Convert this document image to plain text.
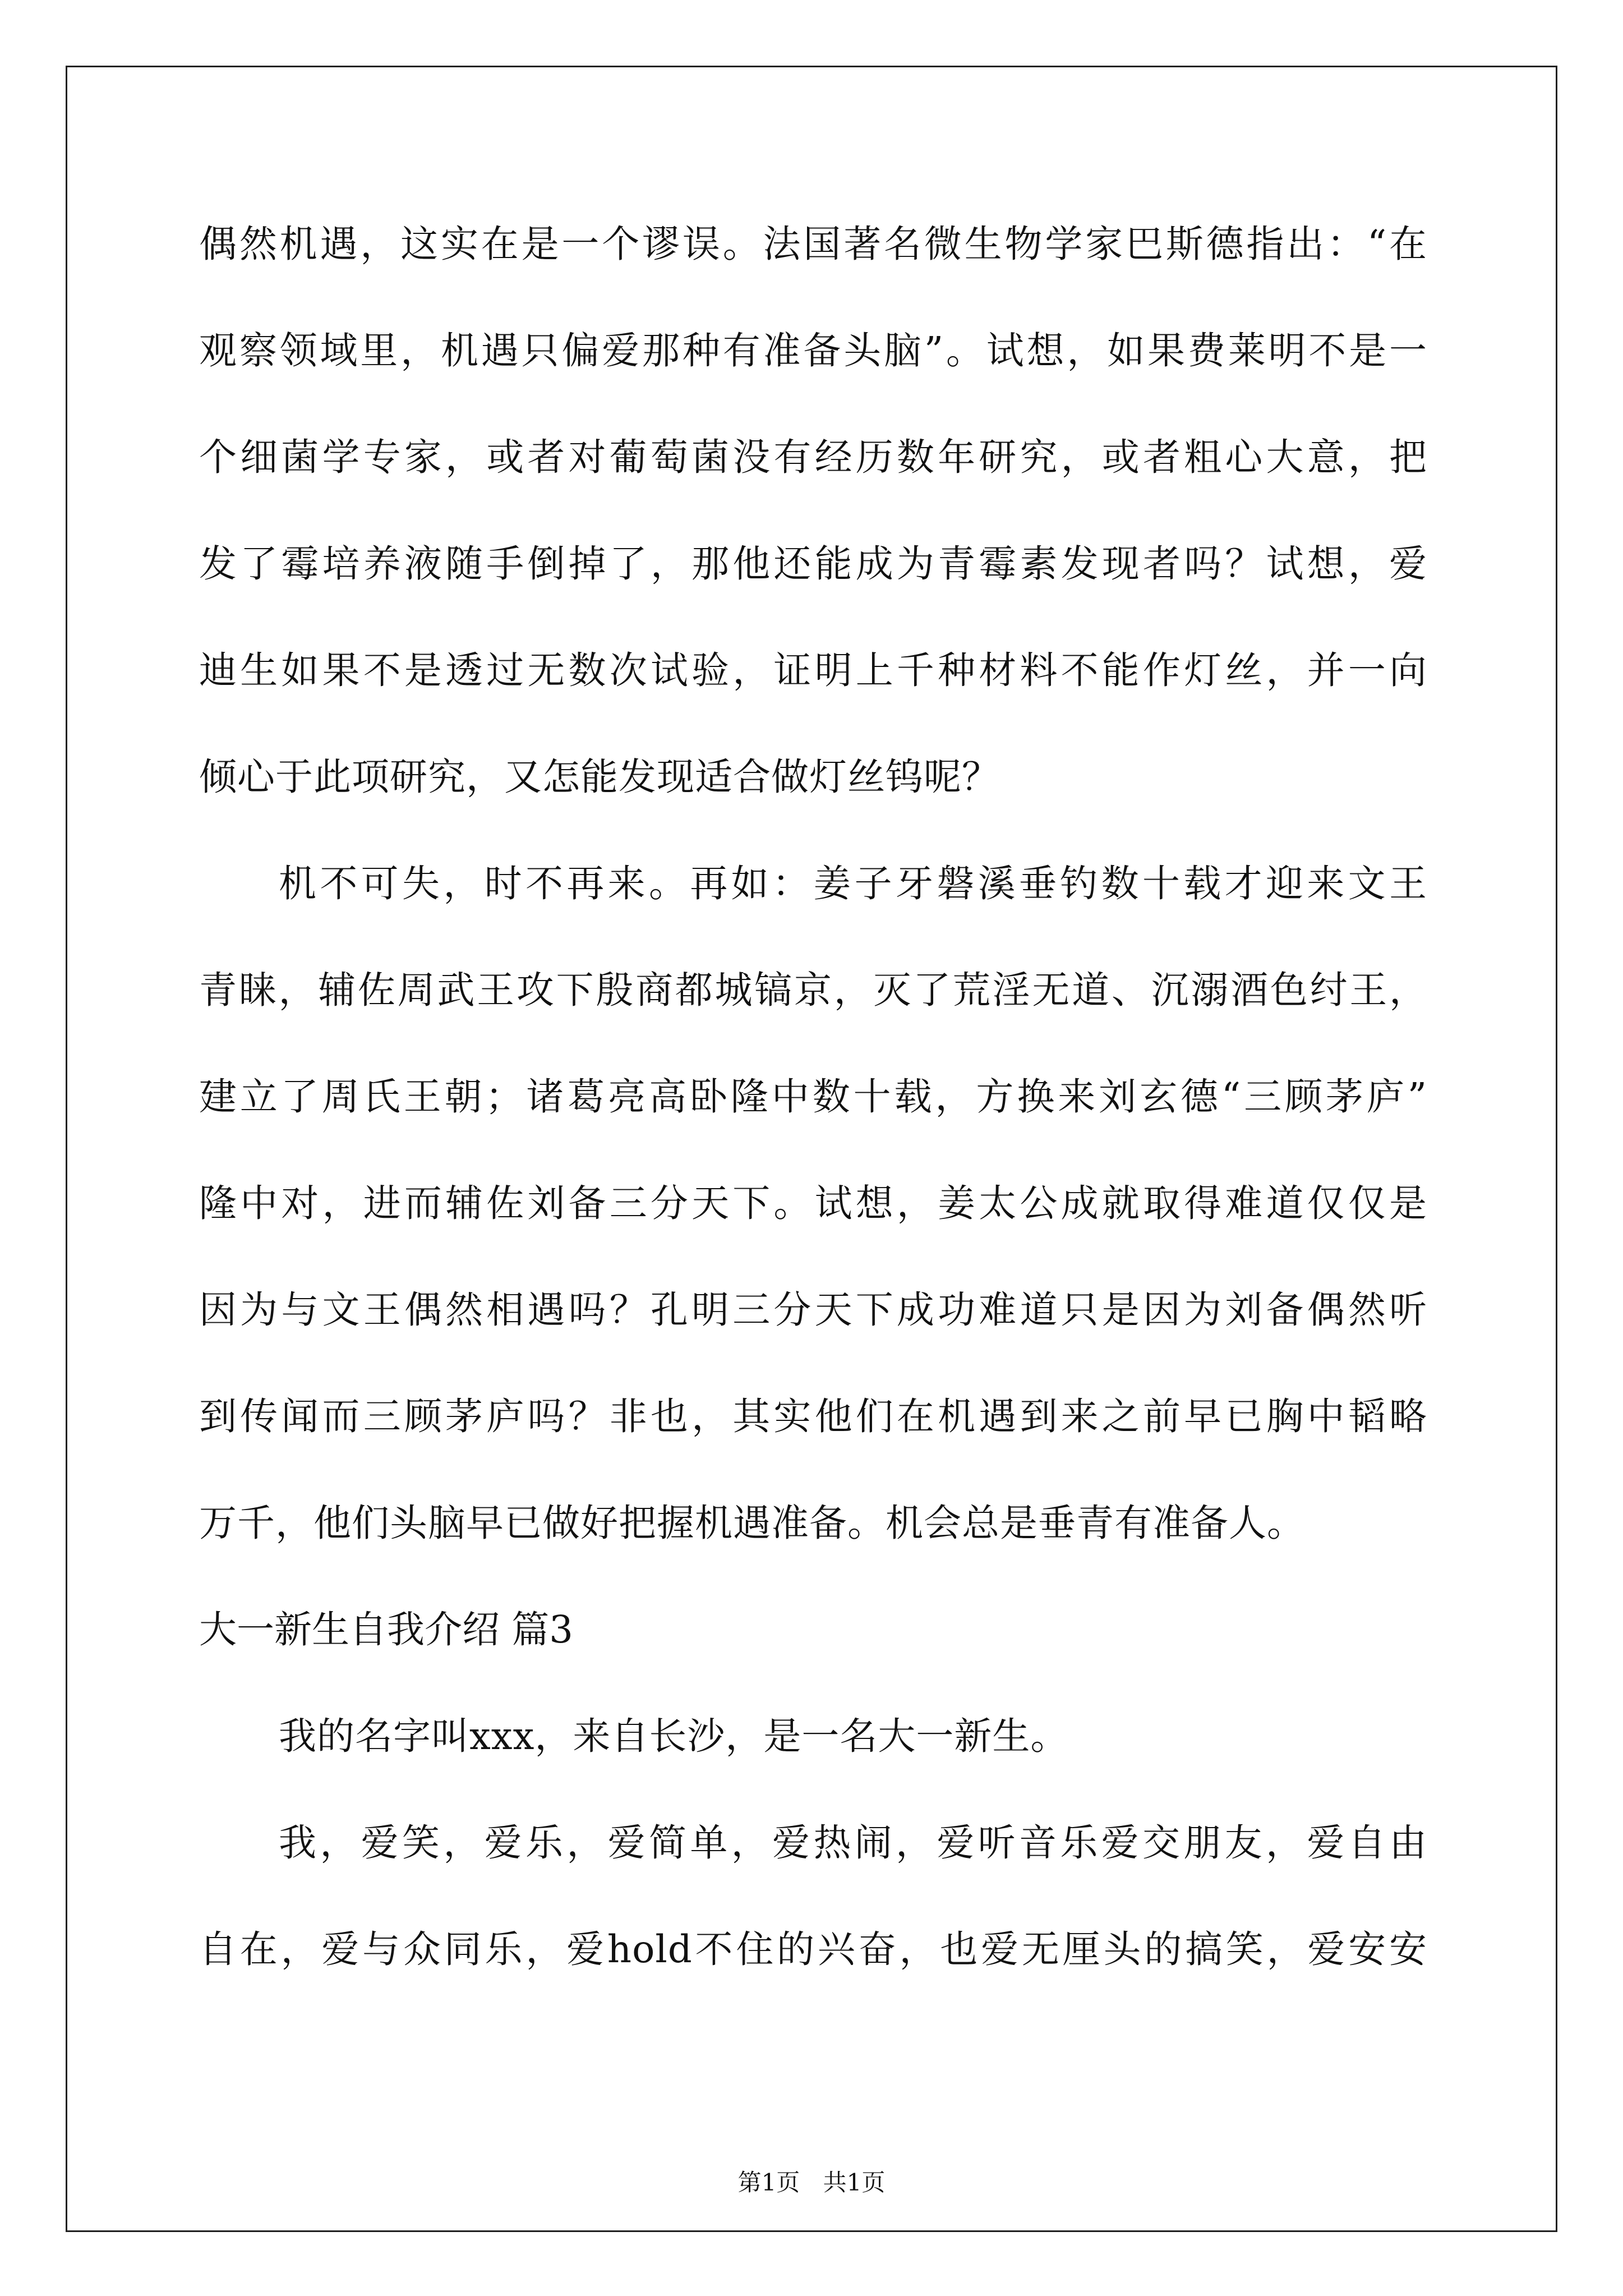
偶然机遇，这实在是一个谬误。法国著名微生物学家巴斯德指出：“在
观察领域里，机遇只偏爱那种有准备头脑”。试想，如果费莱明不是一
个细菌学专家，或者对葡萄菌没有经历数年研究，或者粗心大意，把
发了霉培养液随手倒掉了，那他还能成为青霉素发现者吗？试想，爱
迪生如果不是透过无数次试验，证明上千种材料不能作灯丝，并一向
倾心于此项研究，又怎能发现适合做灯丝钨呢？
机不可失，时不再来。再如：姜子牙磐溪垂钓数十载才迎来文王
青睐，辅佐周武王攻下殷商都城镐京，灭了荒淫无道、沉溺酒色纣王，
建立了周氏王朝；诸葛亮高卧隆中数十载，方换来刘玄德“三顾茅庐”
隆中对，进而辅佐刘备三分天下。试想，姜太公成就取得难道仅仅是
因为与文王偶然相遇吗？孔明三分天下成功难道只是因为刘备偶然听
到传闻而三顾茅庐吗？非也，其实他们在机遇到来之前早已胸中韬略
万千，他们头脑早已做好把握机遇准备。机会总是垂青有准备人。
大一新生自我介绍 篇3
我的名字叫xxx，来自长沙，是一名大一新生。
我，爱笑，爱乐，爱简单，爱热闹，爱听音乐爱交朋友，爱自由
自在，爱与众同乐，爱hold不住的兴奋，也爱无厘头的搞笑，爱安安
第1页 共1页
